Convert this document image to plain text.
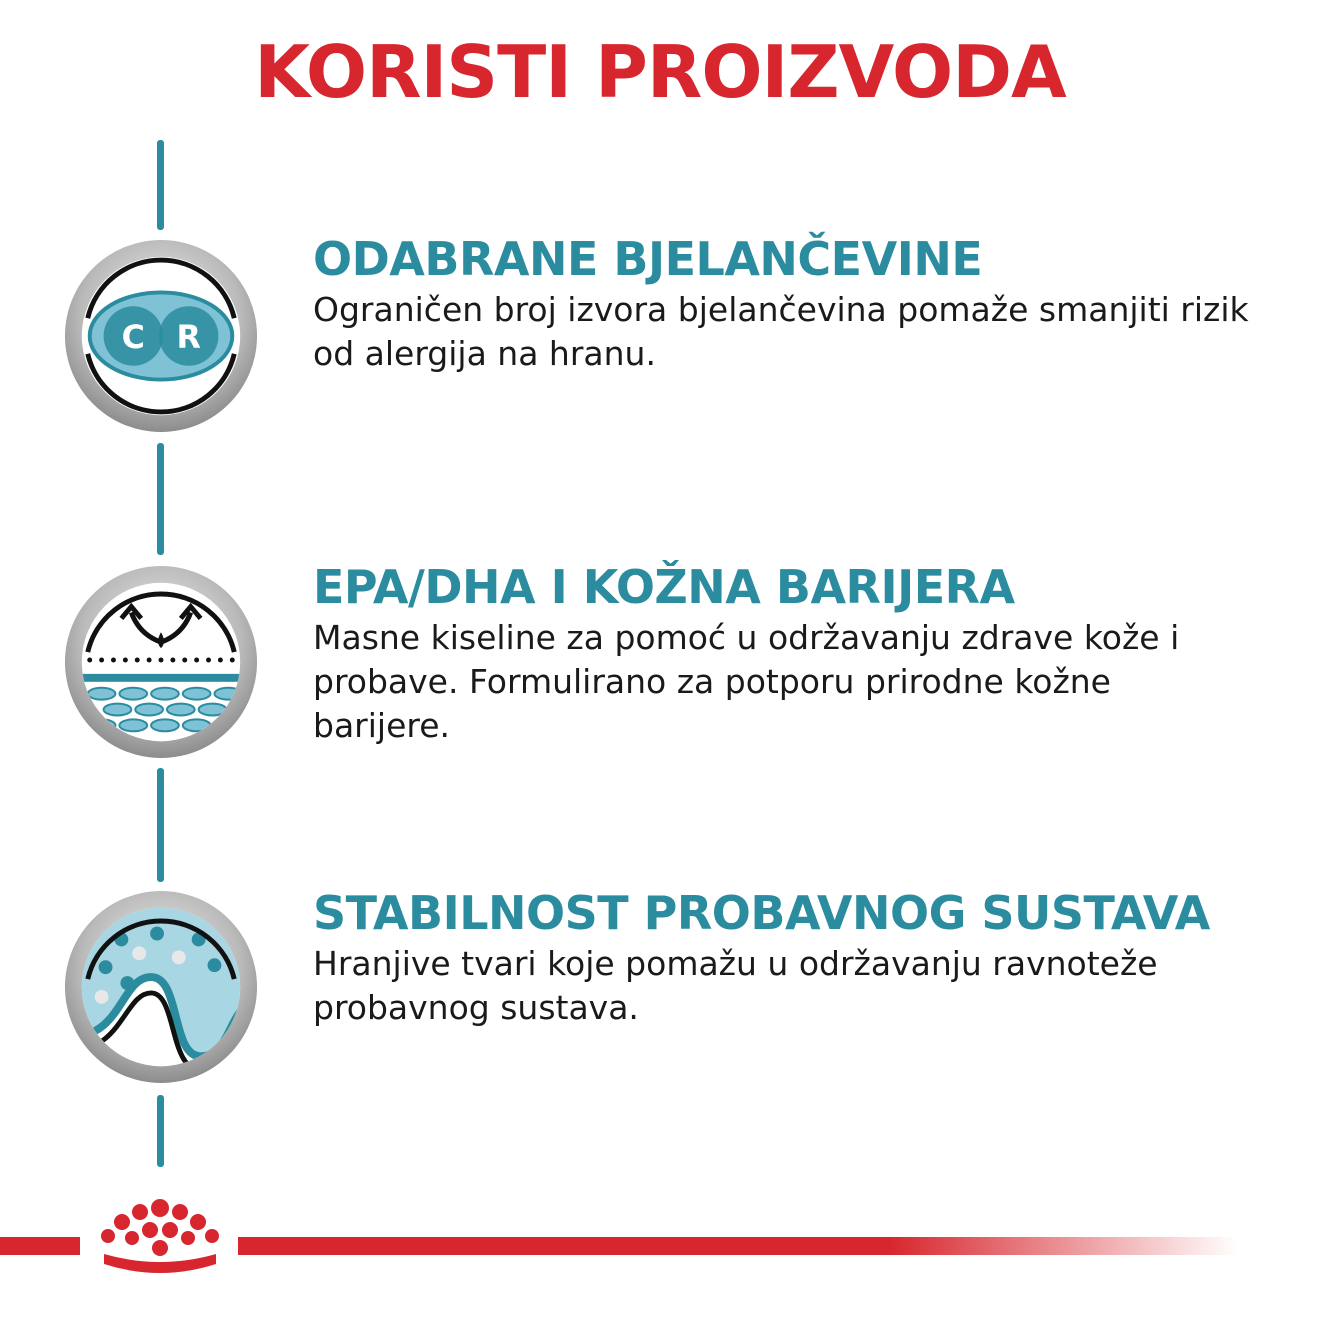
KORISTI PROIZVODA
C R
ODABRANE BJELANČEVINE

Ograničen broj izvora bjelančevina pomaže smanjiti rizik od alergija na hranu.

EPA/DHA I KOŽNA BARIJERA

Masne kiseline za pomoć u održavanju zdrave kože i probave. Formulirano za potporu prirodne kožne barijere.

STABILNOST PROBAVNOG SUSTAVA

Hranjive tvari koje pomažu u održavanju ravnoteže probavnog sustava.
